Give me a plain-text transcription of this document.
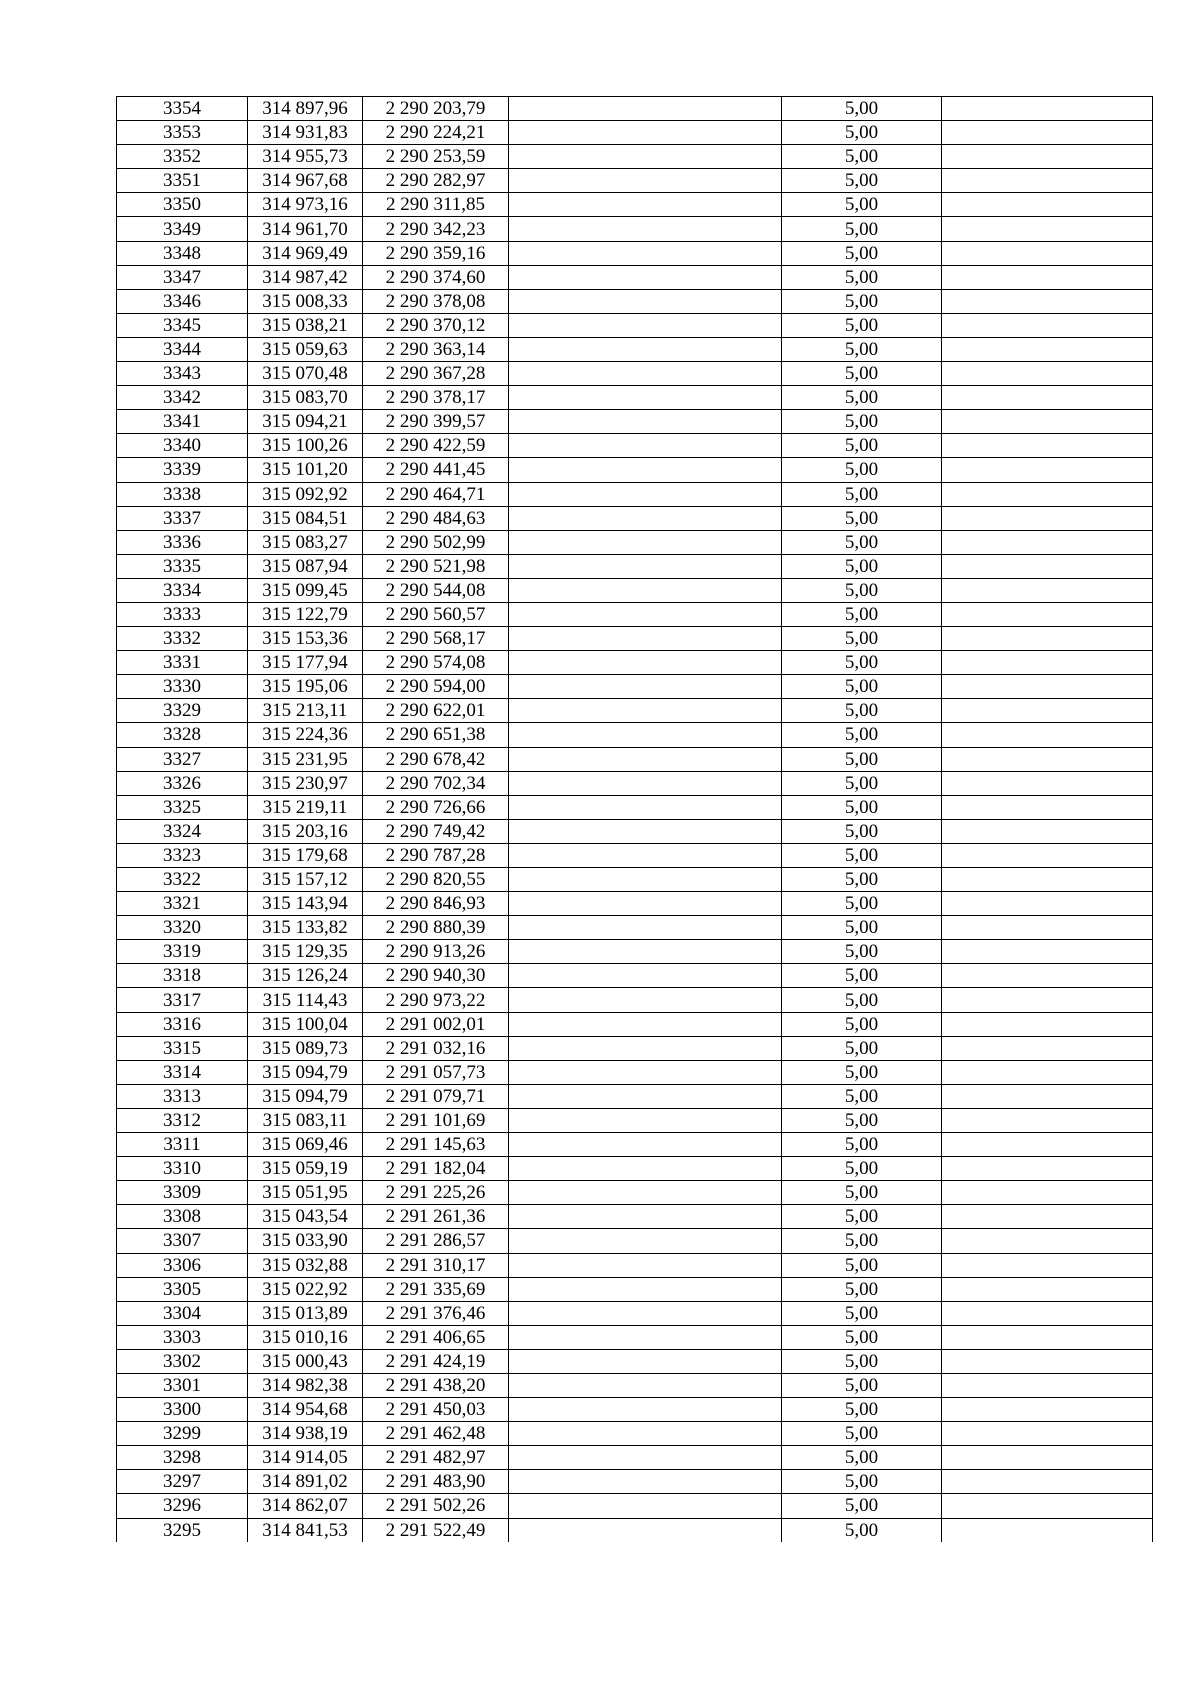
3354	314 897,96	2 290 203,79		5,00	
3353	314 931,83	2 290 224,21		5,00	
3352	314 955,73	2 290 253,59		5,00	
3351	314 967,68	2 290 282,97		5,00	
3350	314 973,16	2 290 311,85		5,00	
3349	314 961,70	2 290 342,23		5,00	
3348	314 969,49	2 290 359,16		5,00	
3347	314 987,42	2 290 374,60		5,00	
3346	315 008,33	2 290 378,08		5,00	
3345	315 038,21	2 290 370,12		5,00	
3344	315 059,63	2 290 363,14		5,00	
3343	315 070,48	2 290 367,28		5,00	
3342	315 083,70	2 290 378,17		5,00	
3341	315 094,21	2 290 399,57		5,00	
3340	315 100,26	2 290 422,59		5,00	
3339	315 101,20	2 290 441,45		5,00	
3338	315 092,92	2 290 464,71		5,00	
3337	315 084,51	2 290 484,63		5,00	
3336	315 083,27	2 290 502,99		5,00	
3335	315 087,94	2 290 521,98		5,00	
3334	315 099,45	2 290 544,08		5,00	
3333	315 122,79	2 290 560,57		5,00	
3332	315 153,36	2 290 568,17		5,00	
3331	315 177,94	2 290 574,08		5,00	
3330	315 195,06	2 290 594,00		5,00	
3329	315 213,11	2 290 622,01		5,00	
3328	315 224,36	2 290 651,38		5,00	
3327	315 231,95	2 290 678,42		5,00	
3326	315 230,97	2 290 702,34		5,00	
3325	315 219,11	2 290 726,66		5,00	
3324	315 203,16	2 290 749,42		5,00	
3323	315 179,68	2 290 787,28		5,00	
3322	315 157,12	2 290 820,55		5,00	
3321	315 143,94	2 290 846,93		5,00	
3320	315 133,82	2 290 880,39		5,00	
3319	315 129,35	2 290 913,26		5,00	
3318	315 126,24	2 290 940,30		5,00	
3317	315 114,43	2 290 973,22		5,00	
3316	315 100,04	2 291 002,01		5,00	
3315	315 089,73	2 291 032,16		5,00	
3314	315 094,79	2 291 057,73		5,00	
3313	315 094,79	2 291 079,71		5,00	
3312	315 083,11	2 291 101,69		5,00	
3311	315 069,46	2 291 145,63		5,00	
3310	315 059,19	2 291 182,04		5,00	
3309	315 051,95	2 291 225,26		5,00	
3308	315 043,54	2 291 261,36		5,00	
3307	315 033,90	2 291 286,57		5,00	
3306	315 032,88	2 291 310,17		5,00	
3305	315 022,92	2 291 335,69		5,00	
3304	315 013,89	2 291 376,46		5,00	
3303	315 010,16	2 291 406,65		5,00	
3302	315 000,43	2 291 424,19		5,00	
3301	314 982,38	2 291 438,20		5,00	
3300	314 954,68	2 291 450,03		5,00	
3299	314 938,19	2 291 462,48		5,00	
3298	314 914,05	2 291 482,97		5,00	
3297	314 891,02	2 291 483,90		5,00	
3296	314 862,07	2 291 502,26		5,00	
3295	314 841,53	2 291 522,49		5,00	
